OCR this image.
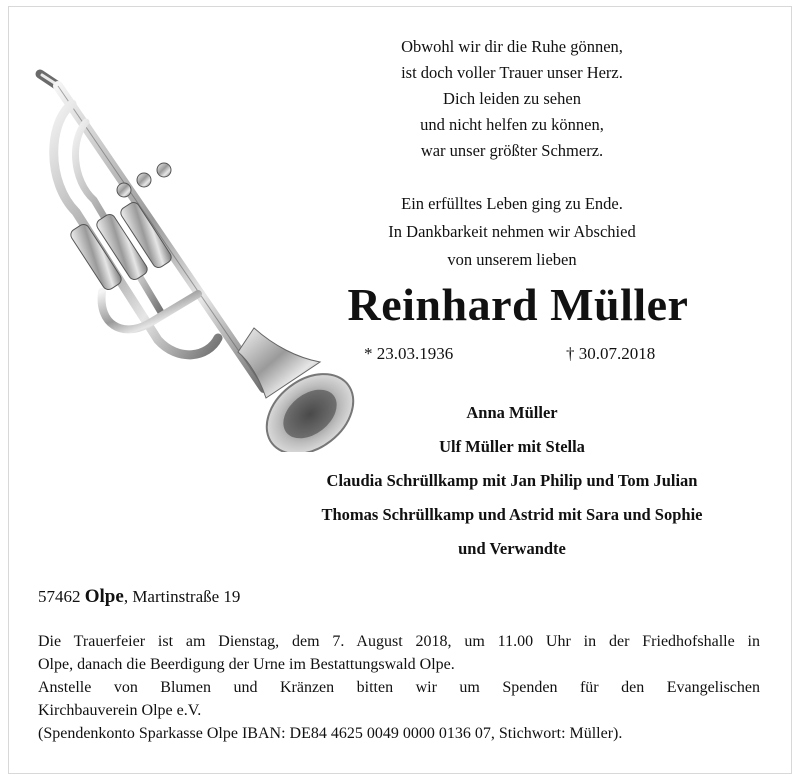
Obwohl wir dir die Ruhe gönnen,
ist doch voller Trauer unser Herz.
Dich leiden zu sehen
und nicht helfen zu können,
war unser größter Schmerz.
Ein erfülltes Leben ging zu Ende.
In Dankbarkeit nehmen wir Abschied
von unserem lieben
Reinhard Müller
* 23.03.1936	† 30.07.2018
Anna Müller
Ulf Müller mit Stella
Claudia Schrüllkamp mit Jan Philip und Tom Julian
Thomas Schrüllkamp und Astrid mit Sara und Sophie
und Verwandte
57462 Olpe, Martinstraße 19
Die Trauerfeier ist am Dienstag, dem 7. August 2018, um 11.00 Uhr in der Friedhofshalle in
Olpe, danach die Beerdigung der Urne im Bestattungswald Olpe.
Anstelle von Blumen und Kränzen bitten wir um Spenden für den Evangelischen
Kirchbauverein Olpe e.V.
(Spendenkonto Sparkasse Olpe IBAN: DE84 4625 0049 0000 0136 07, Stichwort: Müller).
